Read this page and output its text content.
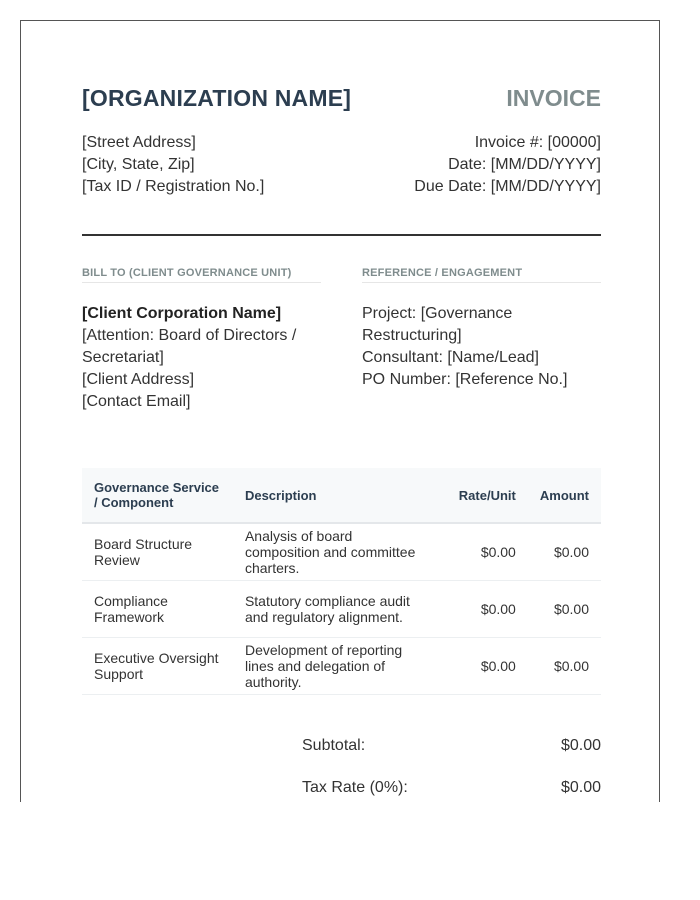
[ORGANIZATION NAME]	INVOICE
[Street Address]
[City, State, Zip]
[Tax ID / Registration No.]
Invoice #: [00000]
Date: [MM/DD/YYYY]
Due Date: [MM/DD/YYYY]
BILL TO (CLIENT GOVERNANCE UNIT)
[Client Corporation Name]
[Attention: Board of Directors / Secretariat]
[Client Address]
[Contact Email]
REFERENCE / ENGAGEMENT
Project: [Governance Restructuring]
Consultant: [Name/Lead]
PO Number: [Reference No.]
Governance Service / Component	Description	Rate/Unit	Amount
Board Structure Review	Analysis of board composition and committee charters.	$0.00	$0.00
Compliance Framework	Statutory compliance audit and regulatory alignment.	$0.00	$0.00
Executive Oversight Support	Development of reporting lines and delegation of authority.	$0.00	$0.00
Subtotal:	$0.00
Tax Rate (0%):	$0.00
